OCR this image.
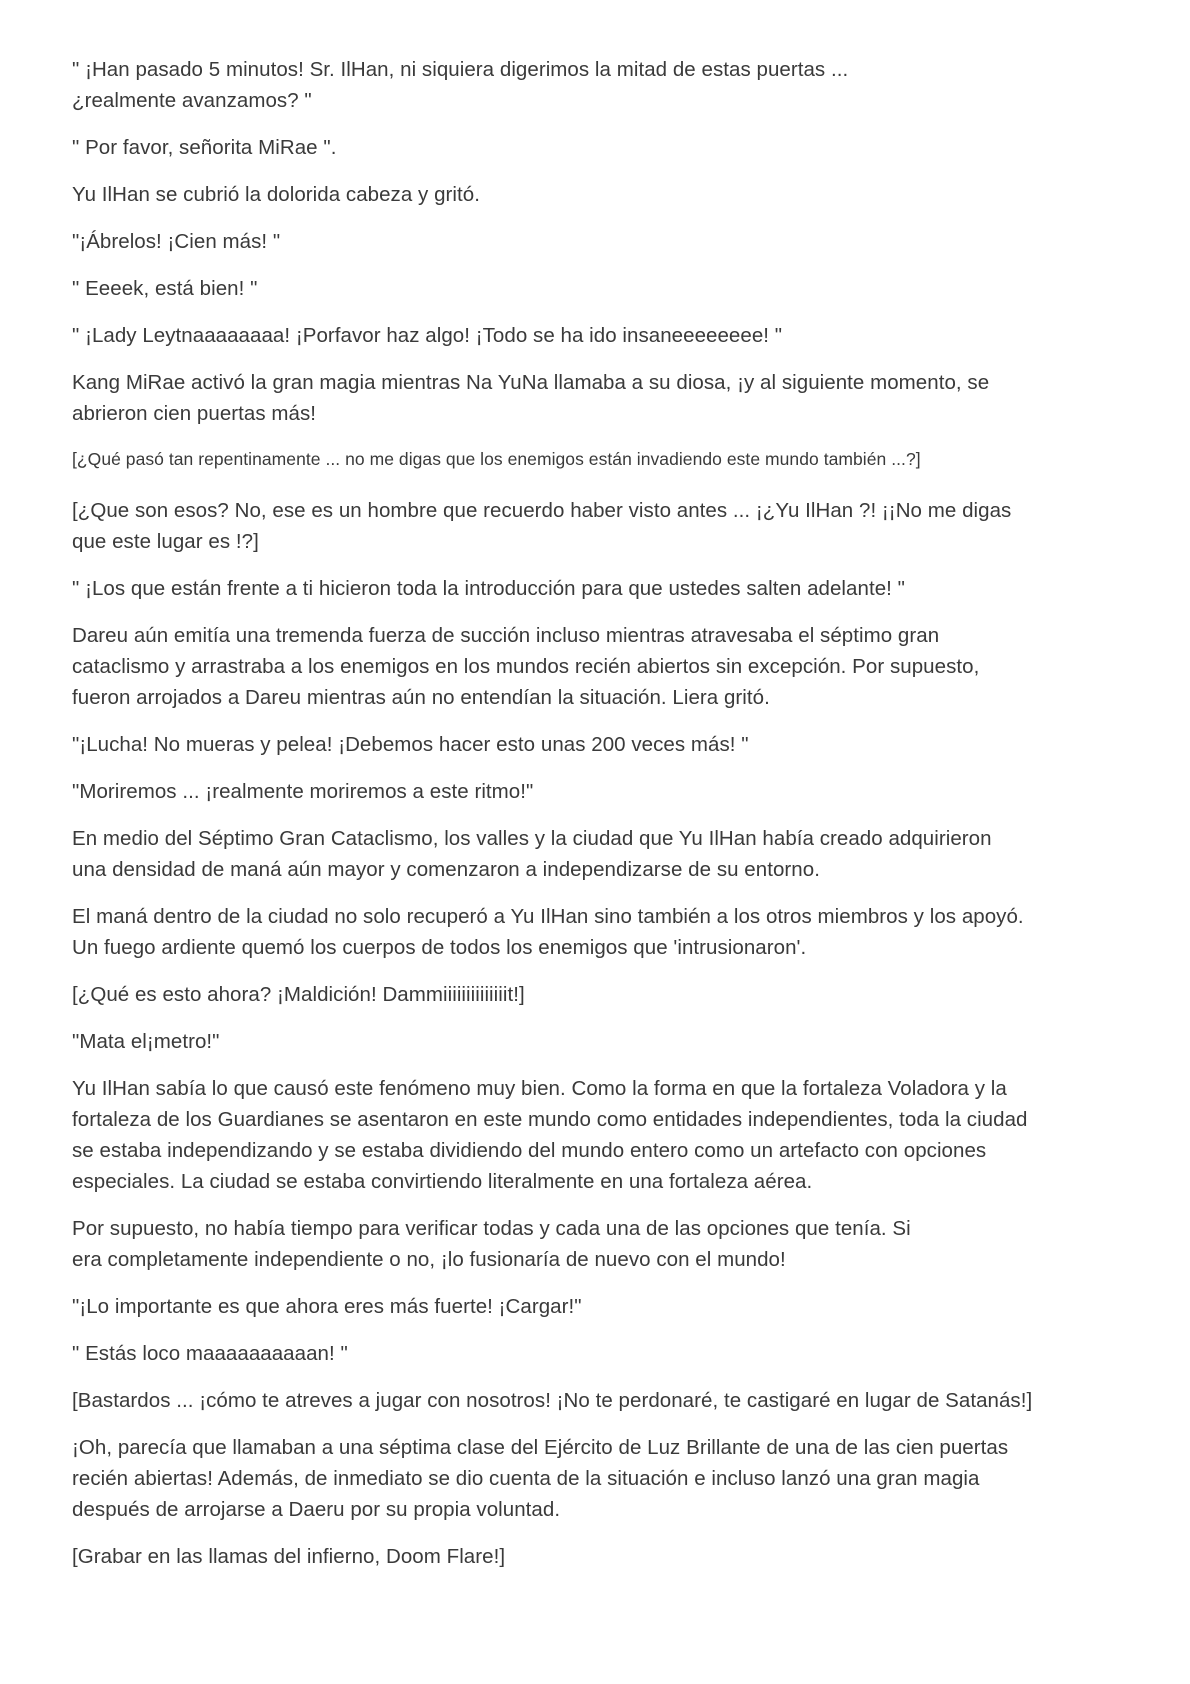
" ¡Han pasado 5 minutos! Sr. IlHan, ni siquiera digerimos la mitad de estas puertas ...
¿realmente avanzamos? "

" Por favor, señorita MiRae ".

Yu IlHan se cubrió la dolorida cabeza y gritó.

"¡Ábrelos! ¡Cien más! "

" Eeeek, está bien! "

" ¡Lady Leytnaaaaaaaa! ¡Porfavor haz algo! ¡Todo se ha ido insaneeeeeeee! "

Kang MiRae activó la gran magia mientras Na YuNa llamaba a su diosa, ¡y al siguiente momento, se
abrieron cien puertas más!

[¿Qué pasó tan repentinamente ... no me digas que los enemigos están invadiendo este mundo también ...?]

[¿Que son esos? No, ese es un hombre que recuerdo haber visto antes ... ¡¿Yu IlHan ?! ¡¡No me digas
que este lugar es !?]

" ¡Los que están frente a ti hicieron toda la introducción para que ustedes salten adelante! "

Dareu aún emitía una tremenda fuerza de succión incluso mientras atravesaba el séptimo gran
cataclismo y arrastraba a los enemigos en los mundos recién abiertos sin excepción. Por supuesto,
fueron arrojados a Dareu mientras aún no entendían la situación. Liera gritó.

"¡Lucha! No mueras y pelea! ¡Debemos hacer esto unas 200 veces más! "

"Moriremos ... ¡realmente moriremos a este ritmo!"

En medio del Séptimo Gran Cataclismo, los valles y la ciudad que Yu IlHan había creado adquirieron
una densidad de maná aún mayor y comenzaron a independizarse de su entorno.

El maná dentro de la ciudad no solo recuperó a Yu IlHan sino también a los otros miembros y los apoyó.
Un fuego ardiente quemó los cuerpos de todos los enemigos que 'intrusionaron'.

[¿Qué es esto ahora? ¡Maldición! Dammiiiiiiiiiiiiiit!]

"Mata el¡metro!"

Yu IlHan sabía lo que causó este fenómeno muy bien. Como la forma en que la fortaleza Voladora y la
fortaleza de los Guardianes se asentaron en este mundo como entidades independientes, toda la ciudad
se estaba independizando y se estaba dividiendo del mundo entero como un artefacto con opciones
especiales. La ciudad se estaba convirtiendo literalmente en una fortaleza aérea.

Por supuesto, no había tiempo para verificar todas y cada una de las opciones que tenía. Si
era completamente independiente o no, ¡lo fusionaría de nuevo con el mundo!

"¡Lo importante es que ahora eres más fuerte! ¡Cargar!"

" Estás loco maaaaaaaaaan! "

[Bastardos ... ¡cómo te atreves a jugar con nosotros! ¡No te perdonaré, te castigaré en lugar de Satanás!]

¡Oh, parecía que llamaban a una séptima clase del Ejército de Luz Brillante de una de las cien puertas
recién abiertas! Además, de inmediato se dio cuenta de la situación e incluso lanzó una gran magia
después de arrojarse a Daeru por su propia voluntad.

[Grabar en las llamas del infierno, Doom Flare!]
